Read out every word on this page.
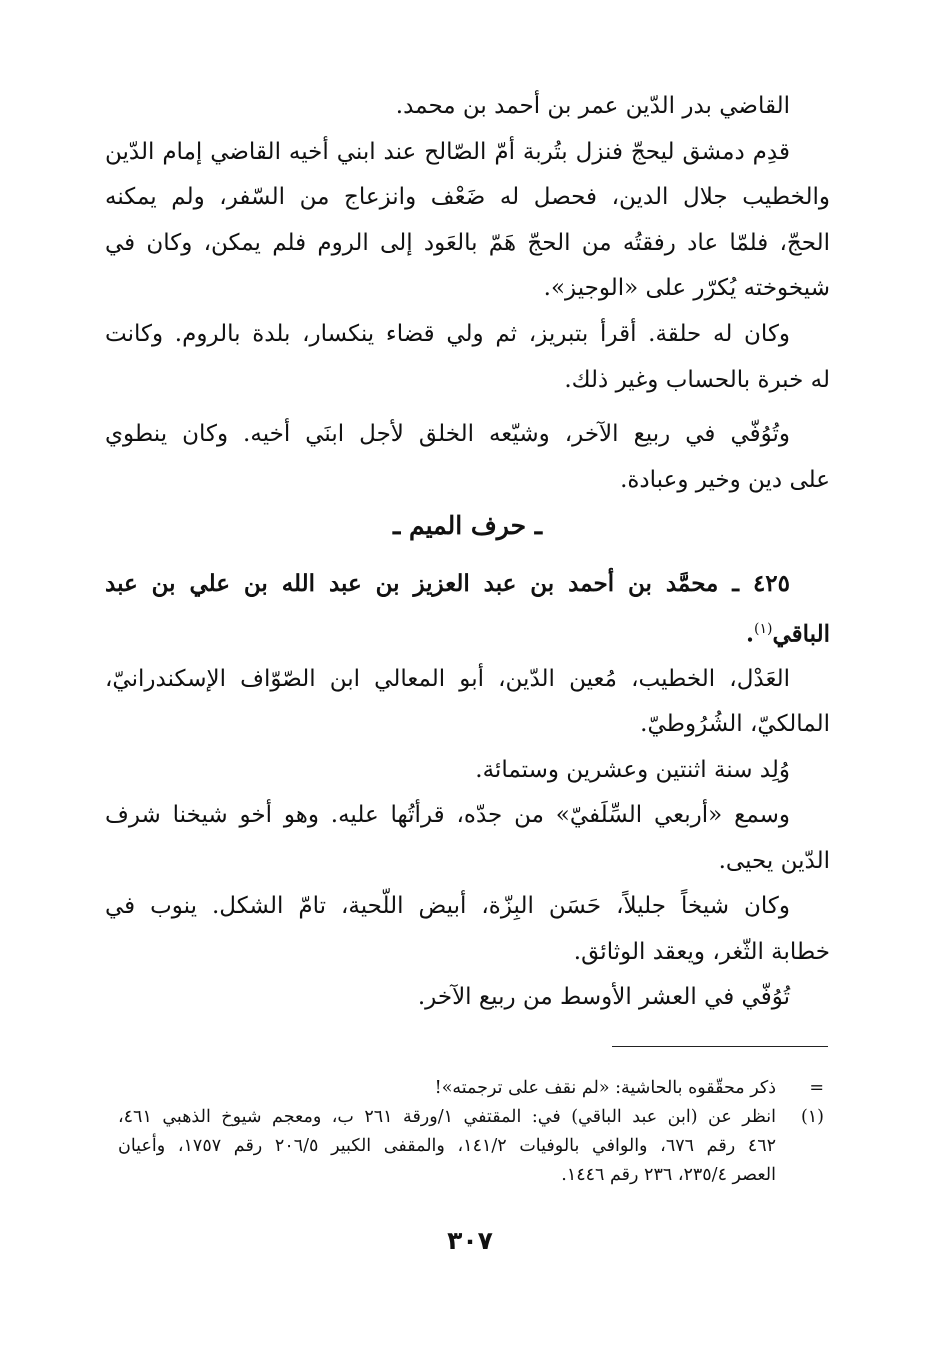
القاضي بدر الدّين عمر بن أحمد بن محمد.
قدِم دمشق ليحجّ فنزل بتُربة أمّ الصّالح عند ابني أخيه القاضي إمام الدّين
والخطيب جلال الدين، فحصل له ضَعْف وانزعاج من السّفر، ولم يمكنه
الحجّ، فلمّا عاد رفقتُه من الحجّ هَمّ بالعَود إلى الروم فلم يمكن، وكان في
شيخوخته يُكرّر على «الوجيز».
وكان له حلقة. أقرأ بتبريز، ثم ولي قضاء ينكسار، بلدة بالروم. وكانت
له خبرة بالحساب وغير ذلك.
وتُوُفّي في ربيع الآخر، وشيّعه الخلق لأجل ابنَي أخيه. وكان ينطوي
على دين وخير وعبادة.
ـ حرف الميم ـ
٤٢٥ ـ محمَّد بن أحمد بن عبد العزيز بن عبد الله بن علي بن عبد
الباقي$^{(١)}$.
العَدْل، الخطيب، مُعين الدّين، أبو المعالي ابن الصّوّاف الإسكندرانيّ،
المالكيّ، الشُرُوطيّ.
وُلِد سنة اثنتين وعشرين وستمائة.
وسمع «أربعي السِّلَفيّ» من جدّه، قرأتُها عليه. وهو أخو شيخنا شرف
الدّين يحيى.
وكان شيخاً جليلاً، حَسَن البِزّة، أبيض اللّحية، تامّ الشكل. ينوب في
خطابة الثّغر، ويعقد الوثائق.
تُوُفّي في العشر الأوسط من ربيع الآخر.
=
ذكر محقّقوه بالحاشية: «لم نقف على ترجمته»!
(١)
انظر عن (ابن عبد الباقي) في: المقتفي ١/ورقة ٢٦١ ب، ومعجم شيوخ الذهبي ٤٦١،
٤٦٢ رقم ٦٧٦، والوافي بالوفيات ١٤١/٢، والمقفى الكبير ٢٠٦/٥ رقم ١٧٥٧، وأعيان
العصر ٢٣٥/٤، ٢٣٦ رقم ١٤٤٦.
٣٠٧
